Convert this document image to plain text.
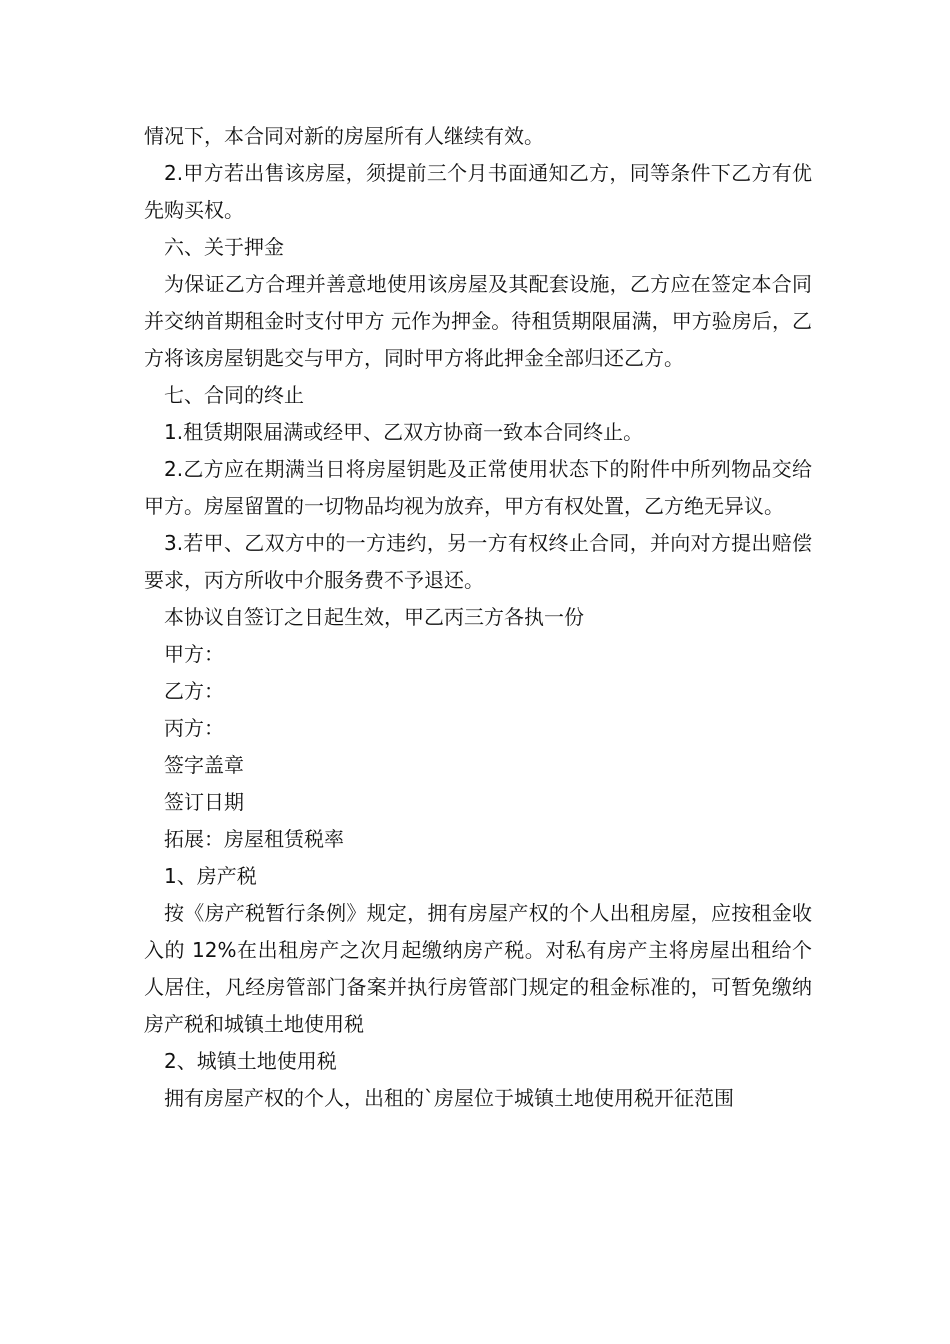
情况下，本合同对新的房屋所有人继续有效。

2.甲方若出售该房屋，须提前三个月书面通知乙方，同等条件下乙方有优先购买权。

六、关于押金

为保证乙方合理并善意地使用该房屋及其配套设施，乙方应在签定本合同并交纳首期租金时支付甲方 元作为押金。待租赁期限届满，甲方验房后，乙方将该房屋钥匙交与甲方，同时甲方将此押金全部归还乙方。

七、合同的终止

1.租赁期限届满或经甲、乙双方协商一致本合同终止。

2.乙方应在期满当日将房屋钥匙及正常使用状态下的附件中所列物品交给甲方。房屋留置的一切物品均视为放弃，甲方有权处置，乙方绝无异议。

3.若甲、乙双方中的一方违约，另一方有权终止合同，并向对方提出赔偿要求，丙方所收中介服务费不予退还。

本协议自签订之日起生效，甲乙丙三方各执一份

甲方：

乙方：

丙方：

签字盖章

签订日期

拓展：房屋租赁税率

1、房产税

按《房产税暂行条例》规定，拥有房屋产权的个人出租房屋，应按租金收入的 12%在出租房产之次月起缴纳房产税。对私有房产主将房屋出租给个人居住，凡经房管部门备案并执行房管部门规定的租金标准的，可暂免缴纳房产税和城镇土地使用税

2、城镇土地使用税

拥有房屋产权的个人，出租的`房屋位于城镇土地使用税开征范围
